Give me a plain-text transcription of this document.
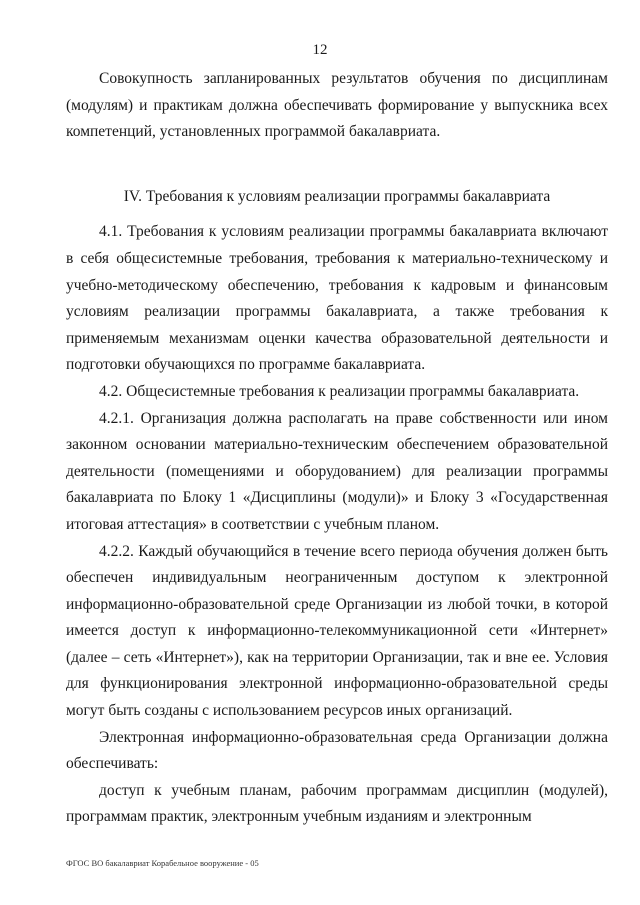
12

Совокупность запланированных результатов обучения по дисциплинам (модулям) и практикам должна обеспечивать формирование у выпускника всех компетенций, установленных программой бакалавриата.

IV. Требования к условиям реализации программы бакалавриата

4.1. Требования к условиям реализации программы бакалавриата включают в себя общесистемные требования, требования к материально-техническому и учебно-методическому обеспечению, требования к кадровым и финансовым условиям реализации программы бакалавриата, а также требования к применяемым механизмам оценки качества образовательной деятельности и подготовки обучающихся по программе бакалавриата.

4.2. Общесистемные требования к реализации программы бакалавриата.

4.2.1. Организация должна располагать на праве собственности или ином законном основании материально-техническим обеспечением образовательной деятельности (помещениями и оборудованием) для реализации программы бакалавриата по Блоку 1 «Дисциплины (модули)» и Блоку 3 «Государственная итоговая аттестация» в соответствии с учебным планом.

4.2.2. Каждый обучающийся в течение всего периода обучения должен быть обеспечен индивидуальным неограниченным доступом к электронной информационно-образовательной среде Организации из любой точки, в которой имеется доступ к информационно-телекоммуникационной сети «Интернет» (далее – сеть «Интернет»), как на территории Организации, так и вне ее. Условия для функционирования электронной информационно-образовательной среды могут быть созданы с использованием ресурсов иных организаций.

Электронная информационно-образовательная среда Организации должна обеспечивать:

доступ к учебным планам, рабочим программам дисциплин (модулей), программам практик, электронным учебным изданиям и электронным

ФГОС ВО бакалавриат Корабельное вооружение - 05
